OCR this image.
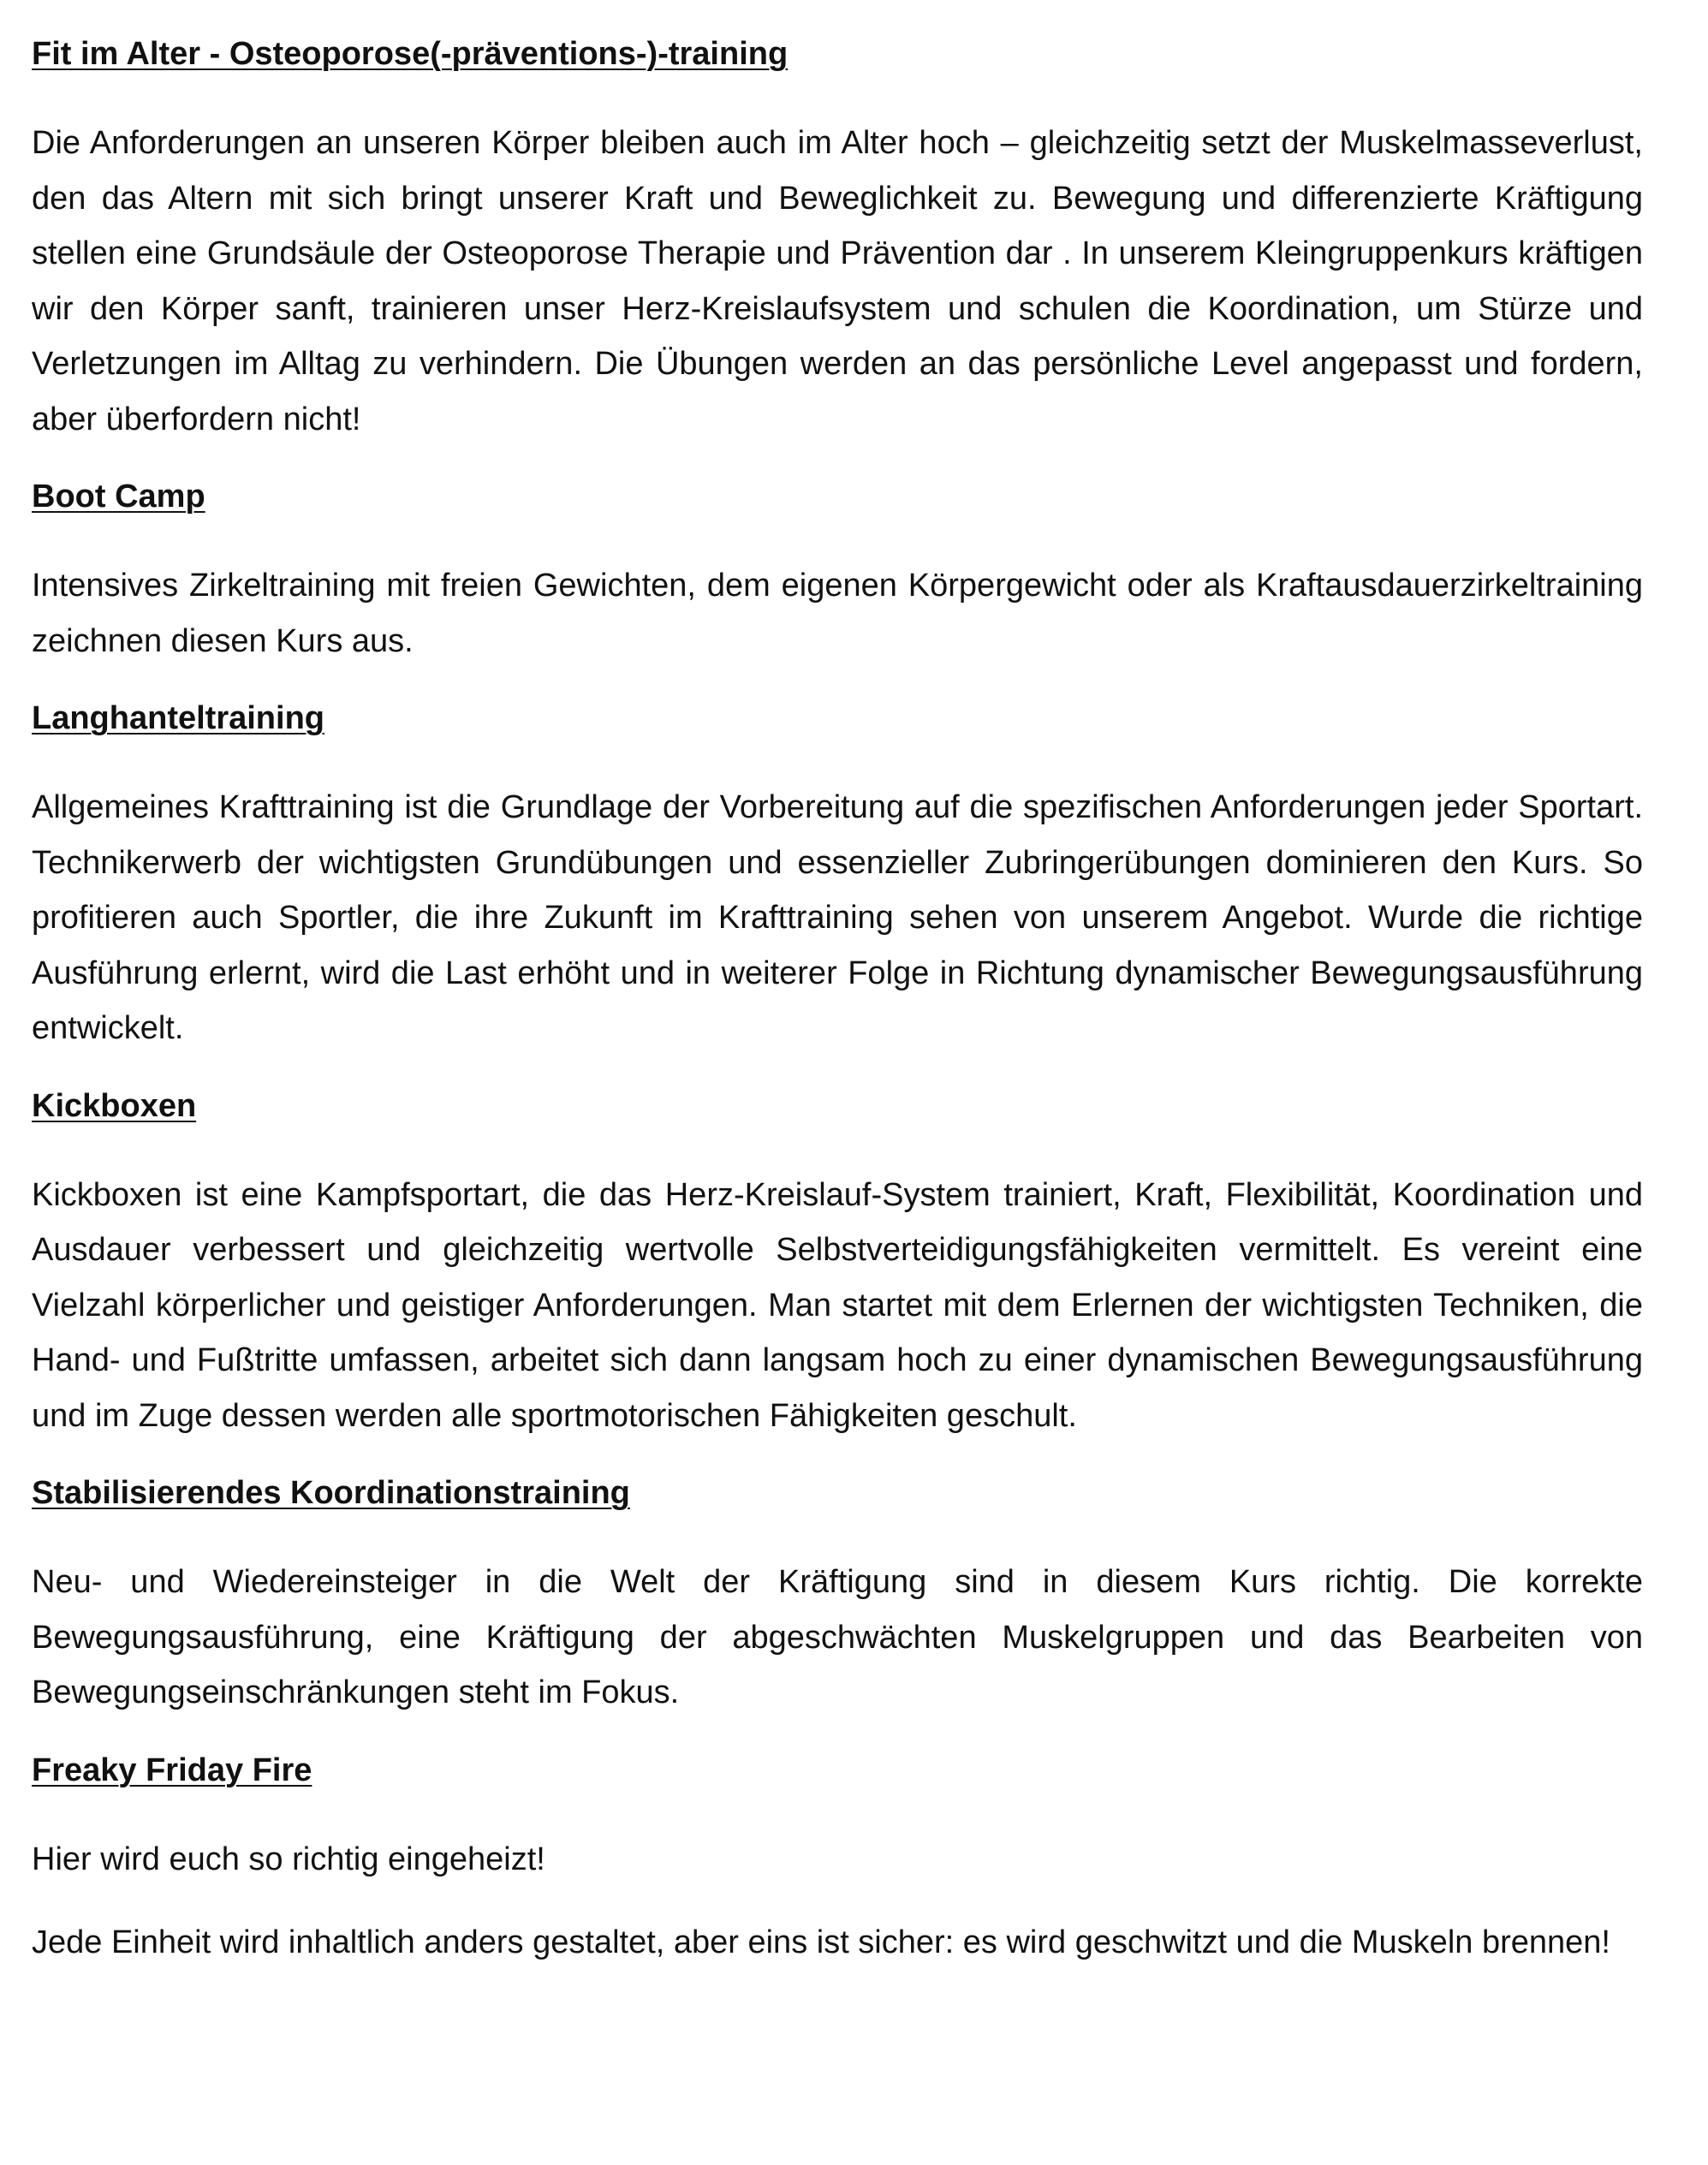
Fit im Alter - Osteoporose(-präventions-)-training

Die Anforderungen an unseren Körper bleiben auch im Alter hoch – gleichzeitig setzt der Muskelmasseverlust, den das Altern mit sich bringt unserer Kraft und Beweglichkeit zu. Bewegung und differenzierte Kräftigung stellen eine Grundsäule der Osteoporose Therapie und Prävention dar . In unserem Kleingruppenkurs kräftigen wir den Körper sanft, trainieren unser Herz-Kreislaufsystem und schulen die Koordination, um Stürze und Verletzungen im Alltag zu verhindern. Die Übungen werden an das persönliche Level angepasst und fordern, aber überfordern nicht!

Boot Camp

Intensives Zirkeltraining mit freien Gewichten, dem eigenen Körpergewicht oder als Kraftausdauerzirkeltraining zeichnen diesen Kurs aus.

Langhanteltraining

Allgemeines Krafttraining ist die Grundlage der Vorbereitung auf die spezifischen Anforderungen jeder Sportart. Technikerwerb der wichtigsten Grundübungen und essenzieller Zubringerübungen dominieren den Kurs. So profitieren auch Sportler, die ihre Zukunft im Krafttraining sehen von unserem Angebot. Wurde die richtige Ausführung erlernt, wird die Last erhöht und in weiterer Folge in Richtung dynamischer Bewegungsausführung entwickelt.

Kickboxen

Kickboxen ist eine Kampfsportart, die das Herz-Kreislauf-System trainiert, Kraft, Flexibilität, Koordination und Ausdauer verbessert und gleichzeitig wertvolle Selbstverteidigungsfähigkeiten vermittelt. Es vereint eine Vielzahl körperlicher und geistiger Anforderungen. Man startet mit dem Erlernen der wichtigsten Techniken, die Hand- und Fußtritte umfassen, arbeitet sich dann langsam hoch zu einer dynamischen Bewegungsausführung und im Zuge dessen werden alle sportmotorischen Fähigkeiten geschult.

Stabilisierendes Koordinationstraining

Neu- und Wiedereinsteiger in die Welt der Kräftigung sind in diesem Kurs richtig. Die korrekte Bewegungsausführung, eine Kräftigung der abgeschwächten Muskelgruppen und das Bearbeiten von Bewegungseinschränkungen steht im Fokus.

Freaky Friday Fire

Hier wird euch so richtig eingeheizt!

Jede Einheit wird inhaltlich anders gestaltet, aber eins ist sicher: es wird geschwitzt und die Muskeln brennen!
